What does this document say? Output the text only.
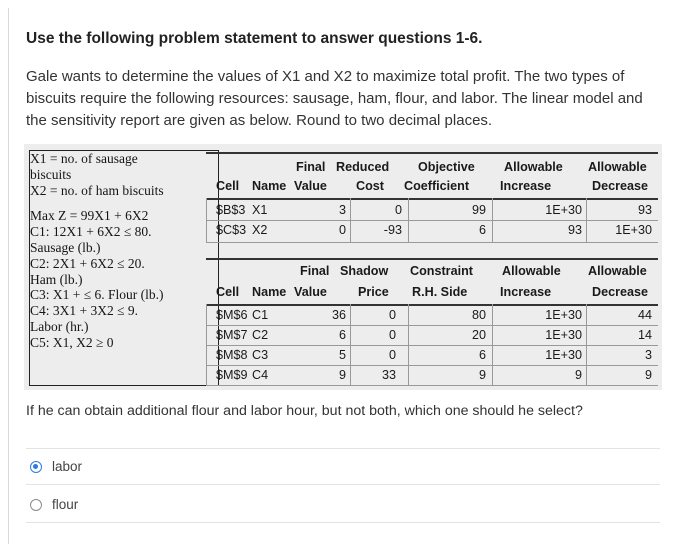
Use the following problem statement to answer questions 1-6.

Gale wants to determine the values of X1 and X2 to maximize total profit. The two types of

biscuits require the following resources: sausage, ham, flour, and labor. The linear model and

the sensitivity report are given as below. Round to two decimal places.

X1 = no. of sausage
biscuits
X2 = no. of ham biscuits
Max Z = 99X1 + 6X2
C1: 12X1 + 6X2 ≤ 80.
Sausage (lb.)
C2: 2X1 + 6X2 ≤ 20.
Ham (lb.)
C3: X1 + ≤ 6. Flour (lb.)
C4: 3X1 + 3X2 ≤ 9.
Labor (hr.)
C5: X1, X2 ≥ 0
Final Reduced Objective Allowable Allowable
Cell Name Value Cost Coefficient Increase	Decrease
$B$3 X1	3	0	99	1E+30	93
$C$3 X2	0	-93	6	93	1E+30
Final Shadow Constraint Allowable Allowable
Cell Name Value Price R.H. Side	Increase	Decrease
$M$6 C1	36	0	80	1E+30	44
$M$7 C2	6	0	20	1E+30	14
$M$8 C3	5	0	6	1E+30	3
$M$9 C4	9	33	9	9	9
If he can obtain additional flour and labor hour, but not both, which one should he select?
labor
flour
